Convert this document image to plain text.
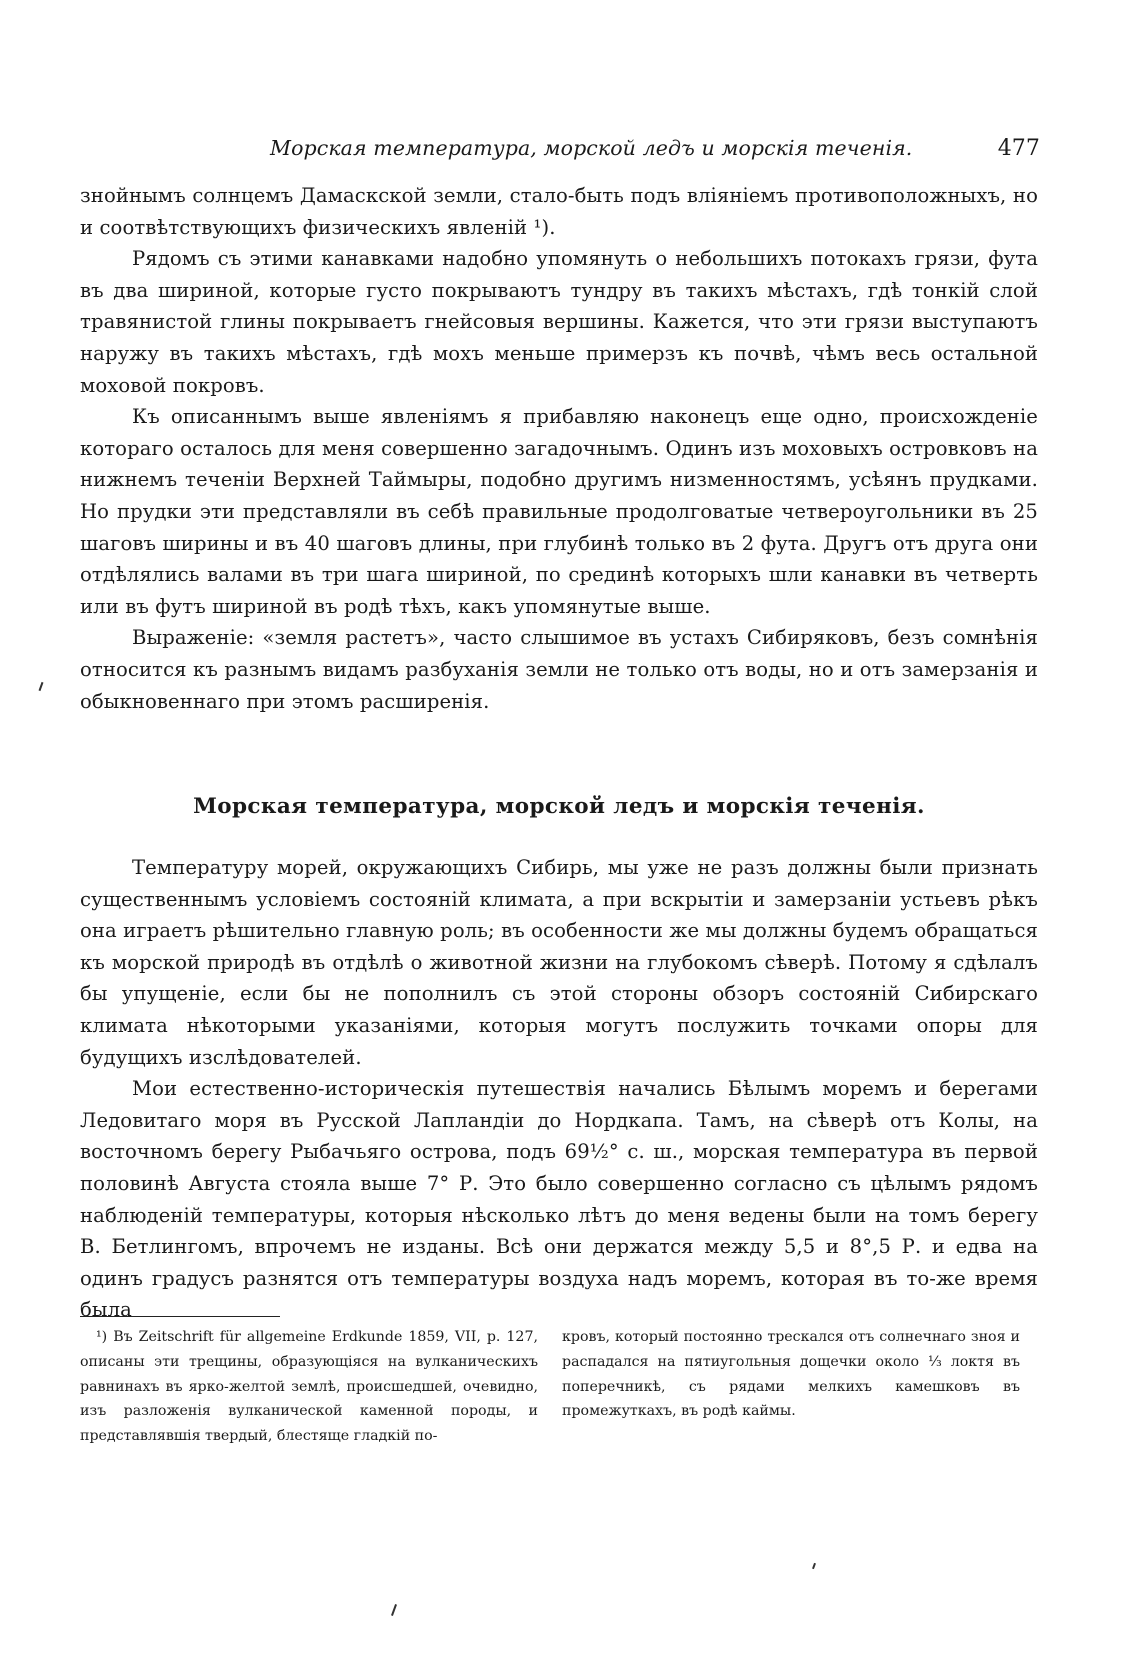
Морская температура, морской ледъ и морскія теченія.	477

знойнымъ солнцемъ Дамаскской земли, стало-быть подъ вліяніемъ противоположныхъ, но и соотвѣтствующихъ физическихъ явленій ¹).

Рядомъ съ этими канавками надобно упомянуть о небольшихъ потокахъ грязи, фута въ два шириной, которые густо покрываютъ тундру въ такихъ мѣстахъ, гдѣ тонкій слой травянистой глины покрываетъ гнейсовыя вершины. Кажется, что эти грязи выступаютъ наружу въ такихъ мѣстахъ, гдѣ мохъ меньше примерзъ къ почвѣ, чѣмъ весь остальной моховой покровъ.

Къ описаннымъ выше явленіямъ я прибавляю наконецъ еще одно, происхожденіе котораго осталось для меня совершенно загадочнымъ. Одинъ изъ моховыхъ островковъ на нижнемъ теченіи Верхней Таймыры, подобно другимъ низменностямъ, усѣянъ прудками. Но прудки эти представляли въ себѣ правильные продолговатые четвероугольники въ 25 шаговъ ширины и въ 40 шаговъ длины, при глубинѣ только въ 2 фута. Другъ отъ друга они отдѣлялись валами въ три шага шириной, по срединѣ которыхъ шли канавки въ четверть или въ футъ шириной въ родѣ тѣхъ, какъ упомянутые выше.

Выраженіе: «земля растетъ», часто слышимое въ устахъ Сибиряковъ, безъ сомнѣнія относится къ разнымъ видамъ разбуханія земли не только отъ воды, но и отъ замерзанія и обыкновеннаго при этомъ расширенія.

Морская температура, морской ледъ и морскія теченія.

Температуру морей, окружающихъ Сибирь, мы уже не разъ должны были признать существеннымъ условіемъ состояній климата, а при вскрытіи и замерзаніи устьевъ рѣкъ она играетъ рѣшительно главную роль; въ особенности же мы должны будемъ обращаться къ морской природѣ въ отдѣлѣ о животной жизни на глубокомъ сѣверѣ. Потому я сдѣлалъ бы упущеніе, если бы не пополнилъ съ этой стороны обзоръ состояній Сибирскаго климата нѣкоторыми указаніями, которыя могутъ послужить точками опоры для будущихъ изслѣдователей.

Мои естественно-историческія путешествія начались Бѣлымъ моремъ и берегами Ледовитаго моря въ Русской Лапландіи до Нордкапа. Тамъ, на сѣверѣ отъ Колы, на восточномъ берегу Рыбачьяго острова, подъ 69½° с. ш., морская температура въ первой половинѣ Августа стояла выше 7° Р. Это было совершенно согласно съ цѣлымъ рядомъ наблюденій температуры, которыя нѣсколько лѣтъ до меня ведены были на томъ берегу В. Бетлингомъ, впрочемъ не изданы. Всѣ они держатся между 5,5 и 8°,5 Р. и едва на одинъ градусъ разнятся отъ температуры воздуха надъ моремъ, которая въ то-же время была

¹) Въ Zeitschrift für allgemeine Erdkunde 1859, VII, p. 127, описаны эти трещины, образующіяся на вулканическихъ равнинахъ въ ярко-желтой землѣ, происшедшей, очевидно, изъ разложенія вулканической каменной породы, и представлявшія твердый, блестяще гладкій по-

кровъ, который постоянно трескался отъ солнечнаго зноя и распадался на пятиугольныя дощечки около ⅓ локтя въ поперечникѣ, съ рядами мелкихъ камешковъ въ промежуткахъ, въ родѣ каймы.
